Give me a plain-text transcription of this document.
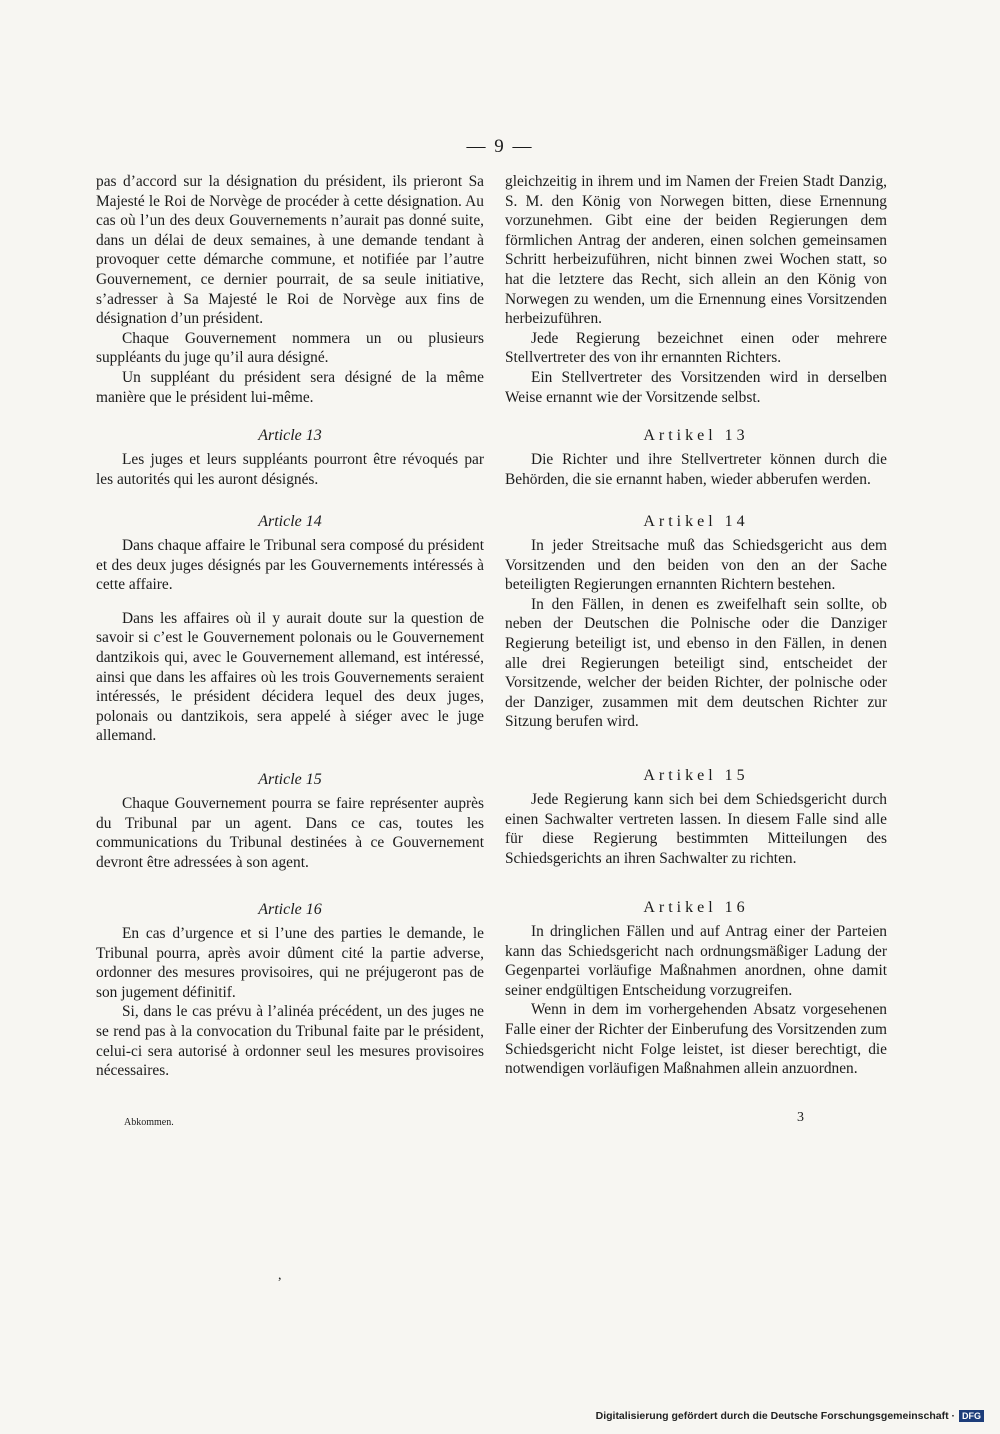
— 9 —

pas d’accord sur la désignation du président, ils prieront Sa Majesté le Roi de Norvège de procéder à cette désignation. Au cas où l’un des deux Gouvernements n’aurait pas donné suite, dans un délai de deux semaines, à une demande tendant à provoquer cette démarche commune, et notifiée par l’autre Gouvernement, ce dernier pourrait, de sa seule initiative, s’adresser à Sa Majesté le Roi de Norvège aux fins de désignation d’un président.

Chaque Gouvernement nommera un ou plusieurs suppléants du juge qu’il aura désigné.

Un suppléant du président sera désigné de la même manière que le président lui-même.

Article 13

Les juges et leurs suppléants pourront être révoqués par les autorités qui les auront désignés.

Article 14

Dans chaque affaire le Tribunal sera composé du président et des deux juges désignés par les Gouvernements intéressés à cette affaire.

Dans les affaires où il y aurait doute sur la question de savoir si c’est le Gouvernement polonais ou le Gouvernement dantzikois qui, avec le Gouvernement allemand, est intéressé, ainsi que dans les affaires où les trois Gouvernements seraient intéressés, le président décidera lequel des deux juges, polonais ou dantzikois, sera appelé à siéger avec le juge allemand.

Article 15

Chaque Gouvernement pourra se faire représenter auprès du Tribunal par un agent. Dans ce cas, toutes les communications du Tribunal destinées à ce Gouvernement devront être adressées à son agent.

Article 16

En cas d’urgence et si l’une des parties le demande, le Tribunal pourra, après avoir dûment cité la partie adverse, ordonner des mesures provisoires, qui ne préjugeront pas de son jugement définitif.

Si, dans le cas prévu à l’alinéa précédent, un des juges ne se rend pas à la convocation du Tribunal faite par le président, celui-ci sera autorisé à ordonner seul les mesures provisoires nécessaires.

gleichzeitig in ihrem und im Namen der Freien Stadt Danzig, S. M. den König von Norwegen bitten, diese Ernennung vorzunehmen. Gibt eine der beiden Regierungen dem förmlichen Antrag der anderen, einen solchen gemeinsamen Schritt herbeizuführen, nicht binnen zwei Wochen statt, so hat die letztere das Recht, sich allein an den König von Norwegen zu wenden, um die Ernennung eines Vorsitzenden herbeizuführen.

Jede Regierung bezeichnet einen oder mehrere Stellvertreter des von ihr ernannten Richters.

Ein Stellvertreter des Vorsitzenden wird in derselben Weise ernannt wie der Vorsitzende selbst.

Artikel 13

Die Richter und ihre Stellvertreter können durch die Behörden, die sie ernannt haben, wieder abberufen werden.

Artikel 14

In jeder Streitsache muß das Schiedsgericht aus dem Vorsitzenden und den beiden von den an der Sache beteiligten Regierungen ernannten Richtern bestehen.

In den Fällen, in denen es zweifelhaft sein sollte, ob neben der Deutschen die Polnische oder die Danziger Regierung beteiligt ist, und ebenso in den Fällen, in denen alle drei Regierungen beteiligt sind, entscheidet der Vorsitzende, welcher der beiden Richter, der polnische oder der Danziger, zusammen mit dem deutschen Richter zur Sitzung berufen wird.

Artikel 15

Jede Regierung kann sich bei dem Schiedsgericht durch einen Sachwalter vertreten lassen. In diesem Falle sind alle für diese Regierung bestimmten Mitteilungen des Schiedsgerichts an ihren Sachwalter zu richten.

Artikel 16

In dringlichen Fällen und auf Antrag einer der Parteien kann das Schiedsgericht nach ordnungsmäßiger Ladung der Gegenpartei vorläufige Maßnahmen anordnen, ohne damit seiner endgültigen Entscheidung vorzugreifen.

Wenn in dem im vorhergehenden Absatz vorgesehenen Falle einer der Richter der Einberufung des Vorsitzenden zum Schiedsgericht nicht Folge leistet, ist dieser berechtigt, die notwendigen vorläufigen Maßnahmen allein anzuordnen.

Abkommen.	3
,
Digitalisierung gefördert durch die Deutsche Forschungsgemeinschaft · DFG
